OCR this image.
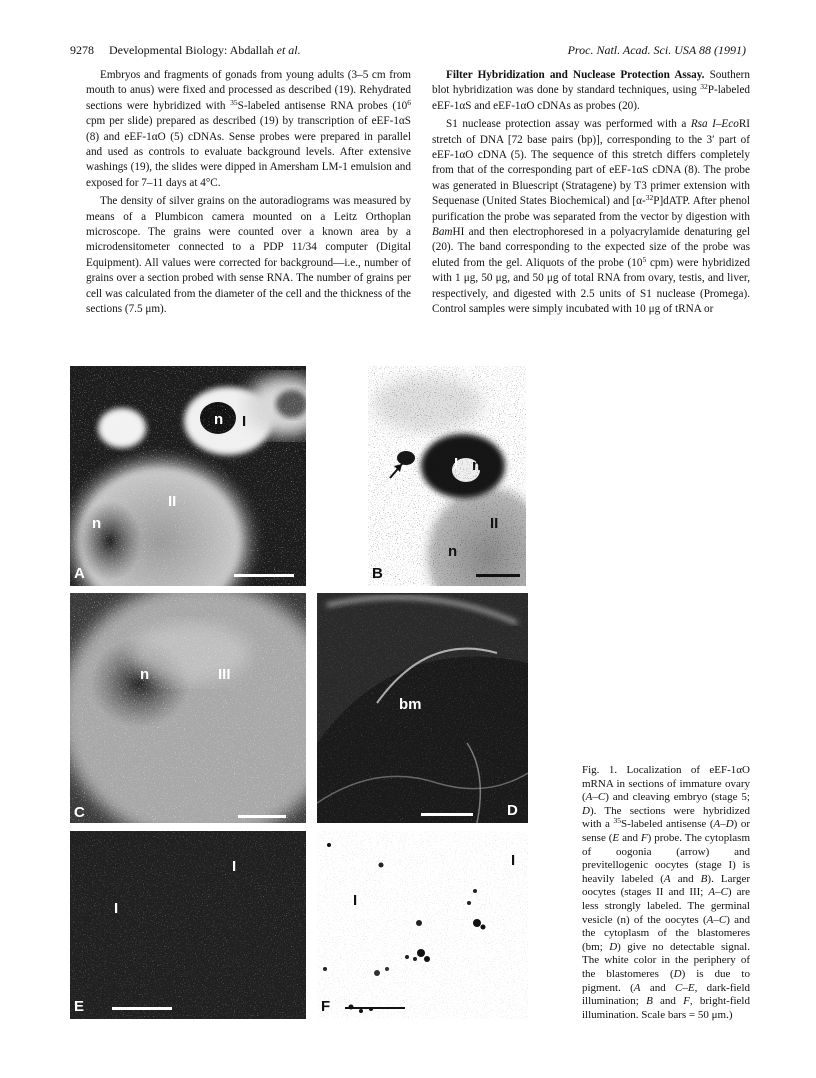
9278 Developmental Biology: Abdallah et al.	Proc. Natl. Acad. Sci. USA 88 (1991)

Embryos and fragments of gonads from young adults (3–5 cm from mouth to anus) were fixed and processed as described (19). Rehydrated sections were hybridized with $^{35}$S-labeled antisense RNA probes ($10^6$ cpm per slide) prepared as described (19) by transcription of eEF-1αS (8) and eEF-1αO (5) cDNAs. Sense probes were prepared in parallel and used as controls to evaluate background levels. After extensive washings (19), the slides were dipped in Amersham LM-1 emulsion and exposed for 7–11 days at 4°C.

The density of silver grains on the autoradiograms was measured by means of a Plumbicon camera mounted on a Leitz Orthoplan microscope. The grains were counted over a known area by a microdensitometer connected to a PDP 11/34 computer (Digital Equipment). All values were corrected for background—i.e., number of grains over a section probed with sense RNA. The number of grains per cell was calculated from the diameter of the cell and the thickness of the sections (7.5 μm).

Filter Hybridization and Nuclease Protection Assay. Southern blot hybridization was done by standard techniques, using $^{32}$P-labeled eEF-1αS and eEF-1αO cDNAs as probes (20).

S1 nuclease protection assay was performed with a Rsa I–EcoRI stretch of DNA [72 base pairs (bp)], corresponding to the 3′ part of eEF-1αO cDNA (5). The sequence of this stretch differs completely from that of the corresponding part of eEF-1αS cDNA (8). The probe was generated in Bluescript (Stratagene) by T3 primer extension with Sequenase (United States Biochemical) and [α-$^{32}$P]dATP. After phenol purification the probe was separated from the vector by digestion with BamHI and then electrophoresed in a polyacrylamide denaturing gel (20). The band corresponding to the expected size of the probe was eluted from the gel. Aliquots of the probe ($10^5$ cpm) were hybridized with 1 μg, 50 μg, and 50 μg of total RNA from ovary, testis, and liver, respectively, and digested with 2.5 units of S1 nuclease (Promega). Control samples were simply incubated with 10 μg of tRNA or

n I
n
II
A
I n
II
n
B
n	III
C
bm
D
I
I
E
I
I
F
Fig. 1. Localization of eEF-1αO mRNA in sections of immature ovary (A–C) and cleaving embryo (stage 5; D). The sections were hybridized with a $^{35}$S-labeled antisense (A–D) or sense (E and F) probe. The cytoplasm of oogonia (arrow) and previtellogenic oocytes (stage I) is heavily labeled (A and B). Larger oocytes (stages II and III; A–C) are less strongly labeled. The germinal vesicle (n) of the oocytes (A–C) and the cytoplasm of the blastomeres (bm; D) give no detectable signal. The white color in the periphery of the blastomeres (D) is due to pigment. (A and C–E, dark-field illumination; B and F, bright-field illumination. Scale bars = 50 μm.)
